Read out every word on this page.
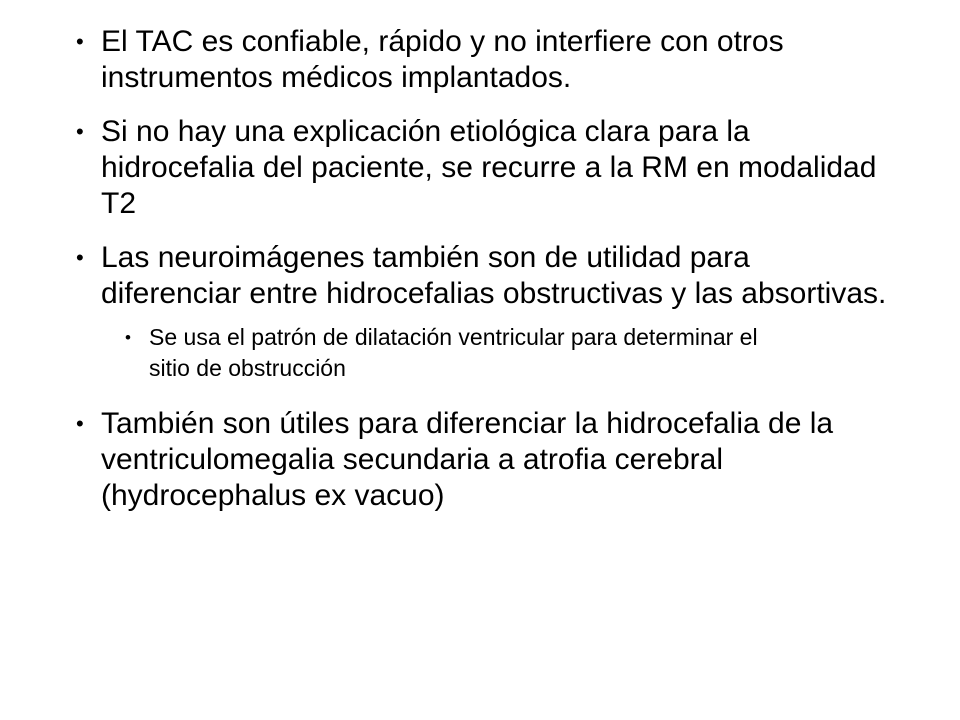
• El TAC es confiable, rápido y no interfiere con otros instrumentos médicos implantados.
• Si no hay una explicación etiológica clara para la hidrocefalia del paciente, se recurre a la RM en modalidad T2
• Las neuroimágenes también son de utilidad para diferenciar entre hidrocefalias obstructivas y las absortivas.
• Se usa el patrón de dilatación ventricular para determinar el sitio de obstrucción
• También son útiles para diferenciar la hidrocefalia de la ventriculomegalia secundaria a atrofia cerebral (hydrocephalus ex vacuo)
